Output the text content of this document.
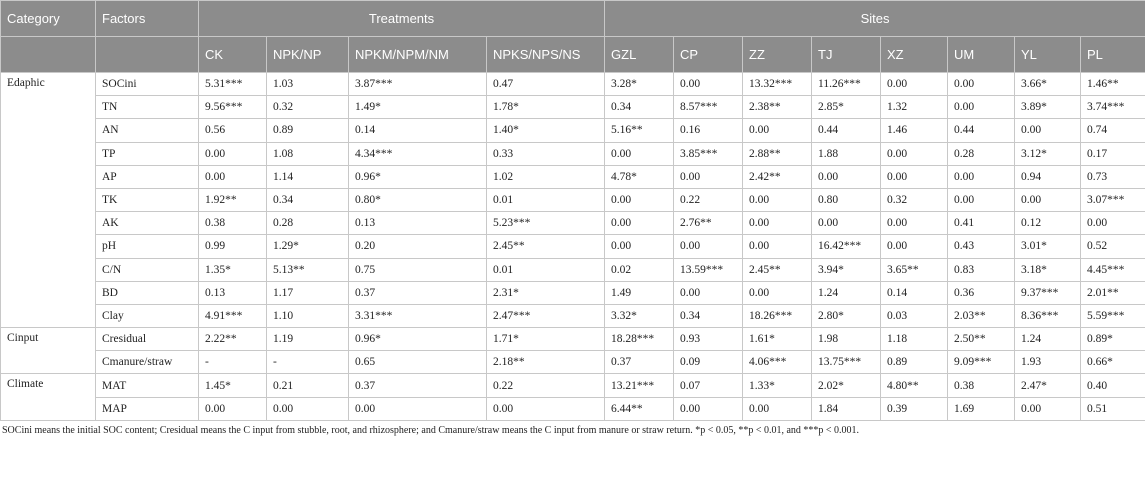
Category	Factors	Treatments				Sites							
		CK	NPK/NP	NPKM/NPM/NM	NPKS/NPS/NS	GZL	CP	ZZ	TJ	XZ	UM	YL	PL
Edaphic	SOCini	5.31***	1.03	3.87***	0.47	3.28*	0.00	13.32***	11.26***	0.00	0.00	3.66*	1.46**
	TN	9.56***	0.32	1.49*	1.78*	0.34	8.57***	2.38**	2.85*	1.32	0.00	3.89*	3.74***
	AN	0.56	0.89	0.14	1.40*	5.16**	0.16	0.00	0.44	1.46	0.44	0.00	0.74
	TP	0.00	1.08	4.34***	0.33	0.00	3.85***	2.88**	1.88	0.00	0.28	3.12*	0.17
	AP	0.00	1.14	0.96*	1.02	4.78*	0.00	2.42**	0.00	0.00	0.00	0.94	0.73
	TK	1.92**	0.34	0.80*	0.01	0.00	0.22	0.00	0.80	0.32	0.00	0.00	3.07***
	AK	0.38	0.28	0.13	5.23***	0.00	2.76**	0.00	0.00	0.00	0.41	0.12	0.00
	pH	0.99	1.29*	0.20	2.45**	0.00	0.00	0.00	16.42***	0.00	0.43	3.01*	0.52
	C/N	1.35*	5.13**	0.75	0.01	0.02	13.59***	2.45**	3.94*	3.65**	0.83	3.18*	4.45***
	BD	0.13	1.17	0.37	2.31*	1.49	0.00	0.00	1.24	0.14	0.36	9.37***	2.01**
	Clay	4.91***	1.10	3.31***	2.47***	3.32*	0.34	18.26***	2.80*	0.03	2.03**	8.36***	5.59***
Cinput	Cresidual	2.22**	1.19	0.96*	1.71*	18.28***	0.93	1.61*	1.98	1.18	2.50**	1.24	0.89*
	Cmanure/straw	-	-	0.65	2.18**	0.37	0.09	4.06***	13.75***	0.89	9.09***	1.93	0.66*
Climate	MAT	1.45*	0.21	0.37	0.22	13.21***	0.07	1.33*	2.02*	4.80**	0.38	2.47*	0.40
	MAP	0.00	0.00	0.00	0.00	6.44**	0.00	0.00	1.84	0.39	1.69	0.00	0.51
SOCini means the initial SOC content; Cresidual means the C input from stubble, root, and rhizosphere; and Cmanure/straw means the C input from manure or straw return. *p < 0.05, **p < 0.01, and ***p < 0.001.
